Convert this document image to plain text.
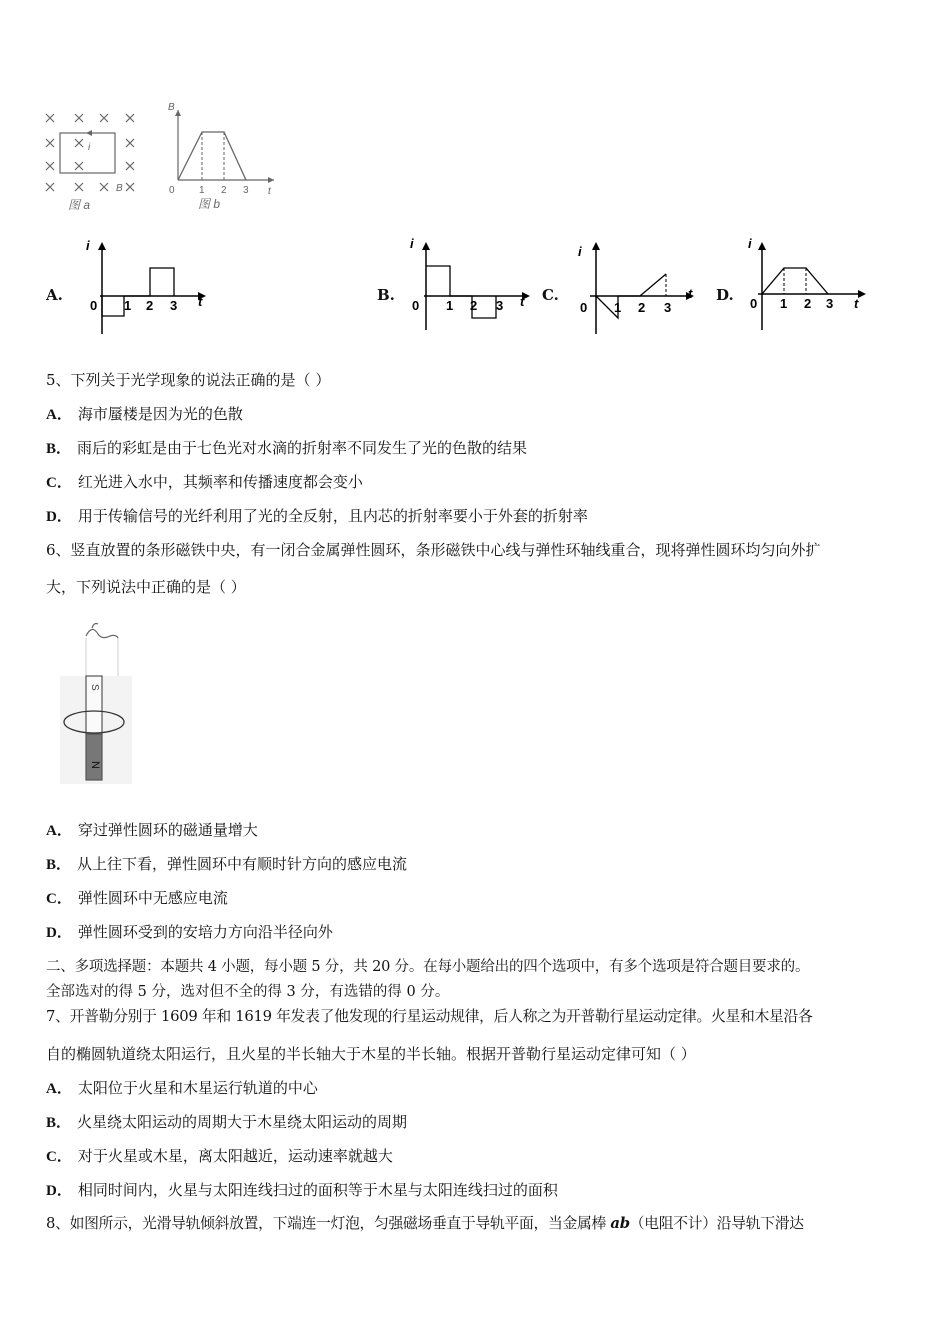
i
B
图 a
B
t
0 1 2 3
图 b
A.
i
t
0 1 2 3
B.
i
t
0 1 2 3
C.
i
t
0 1 2 3
D.
i
t
0 1 2 3
5、下列关于光学现象的说法正确的是（ ）
A． 海市蜃楼是因为光的色散
B． 雨后的彩虹是由于七色光对水滴的折射率不同发生了光的色散的结果
C． 红光进入水中，其频率和传播速度都会变小
D． 用于传输信号的光纤利用了光的全反射，且内芯的折射率要小于外套的折射率
6、竖直放置的条形磁铁中央，有一闭合金属弹性圆环，条形磁铁中心线与弹性环轴线重合，现将弹性圆环均匀向外扩
大，下列说法中正确的是（ ）
S
N
A． 穿过弹性圆环的磁通量增大
B． 从上往下看，弹性圆环中有顺时针方向的感应电流
C． 弹性圆环中无感应电流
D． 弹性圆环受到的安培力方向沿半径向外
二、多项选择题：本题共 4 小题，每小题 5 分，共 20 分。在每小题给出的四个选项中，有多个选项是符合题目要求的。
全部选对的得 5 分，选对但不全的得 3 分，有选错的得 0 分。
7、开普勒分别于 1609 年和 1619 年发表了他发现的行星运动规律，后人称之为开普勒行星运动定律。火星和木星沿各
自的椭圆轨道绕太阳运行，且火星的半长轴大于木星的半长轴。根据开普勒行星运动定律可知（ ）
A． 太阳位于火星和木星运行轨道的中心
B． 火星绕太阳运动的周期大于木星绕太阳运动的周期
C． 对于火星或木星，离太阳越近，运动速率就越大
D． 相同时间内，火星与太阳连线扫过的面积等于木星与太阳连线扫过的面积
8、如图所示，光滑导轨倾斜放置，下端连一灯泡，匀强磁场垂直于导轨平面，当金属棒 ab（电阻不计）沿导轨下滑达
